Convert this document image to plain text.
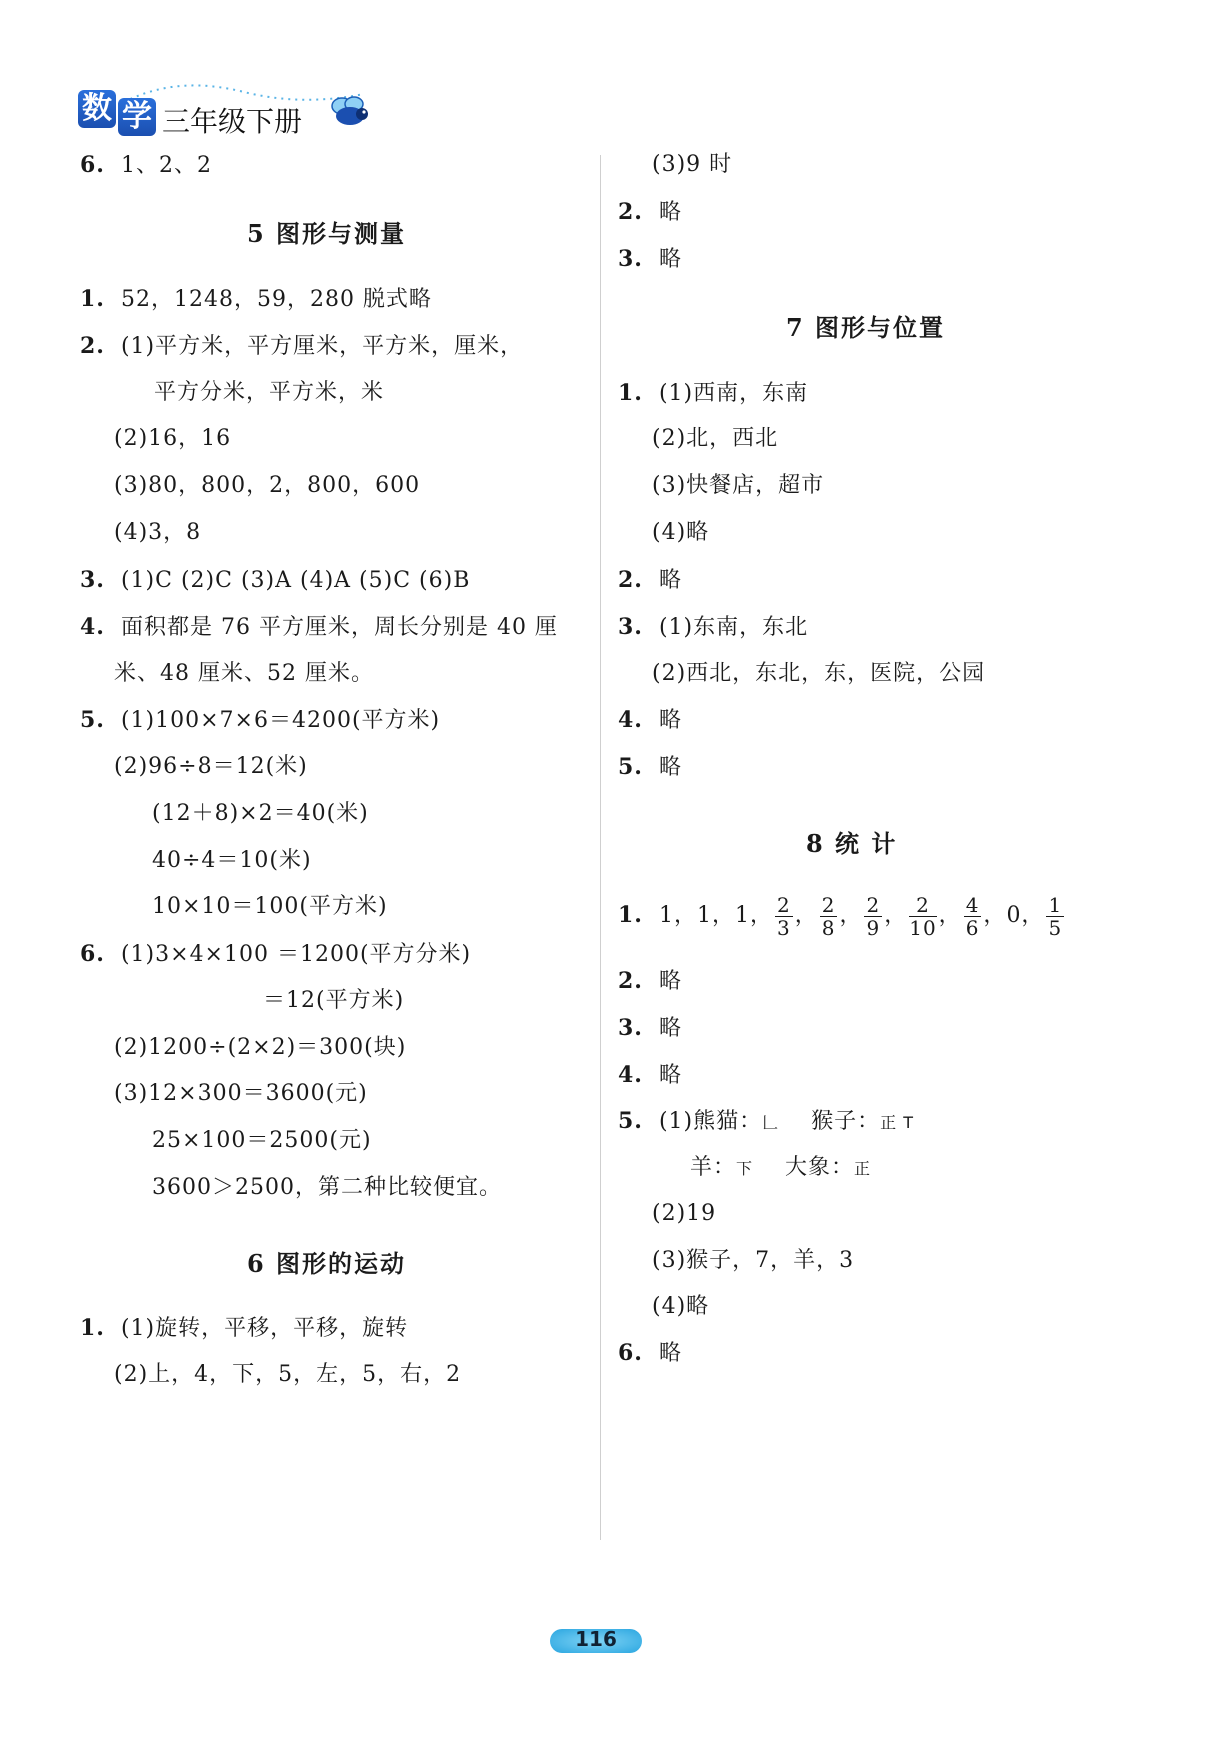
数 学 三年级下册
6. 1、2、2
5 图形与测量
1. 52，1248，59，280 脱式略
2. (1)平方米，平方厘米，平方米，厘米，
平方分米，平方米，米
(2)16，16
(3)80，800，2，800，600
(4)3，8
3. (1)C (2)C (3)A (4)A (5)C (6)B
4. 面积都是 76 平方厘米，周长分别是 40 厘
米、48 厘米、52 厘米。
5. (1)100×7×6＝4200(平方米)
(2)96÷8＝12(米)
(12＋8)×2＝40(米)
40÷4＝10(米)
10×10＝100(平方米)
6. (1)3×4×100 ＝1200(平方分米)
＝12(平方米)
(2)1200÷(2×2)＝300(块)
(3)12×300＝3600(元)
25×100＝2500(元)
3600＞2500，第二种比较便宜。
6 图形的运动
1. (1)旋转，平移，平移，旋转
(2)上，4，下，5，左，5，右，2
(3)9 时
2. 略
3. 略
7 图形与位置
1. (1)西南，东南
(2)北，西北
(3)快餐店，超市
(4)略
2. 略
3. (1)东南，东北
(2)西北，东北，东，医院，公园
4. 略
5. 略
8 统 计
1. 1，1，1， $\frac{2}{3}$ ， $\frac{2}{8}$ ， $\frac{2}{9}$ ， $\frac{2}{10}$ ， $\frac{4}{6}$ ，0， $\frac{1}{5}$
2. 略
3. 略
4. 略
5. (1)熊猫：𠃊 猴子：正 T
羊：下 大象：正
(2)19
(3)猴子，7，羊，3
(4)略
6. 略
116
